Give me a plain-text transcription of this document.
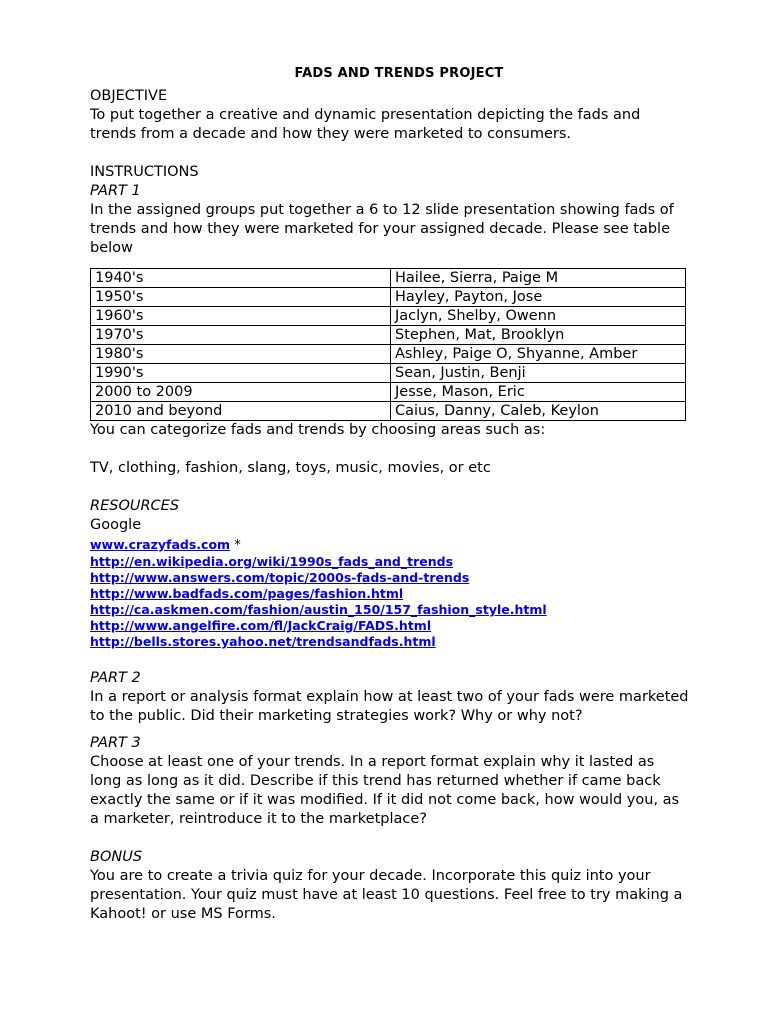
FADS AND TRENDS PROJECT
OBJECTIVE

To put together a creative and dynamic presentation depicting the fads and trends from a decade and how they were marketed to consumers.

INSTRUCTIONS
PART 1

In the assigned groups put together a 6 to 12 slide presentation showing fads of trends and how they were marketed for your assigned decade. Please see table below

1940's	Hailee, Sierra, Paige M
1950's	Hayley, Payton, Jose
1960's	Jaclyn, Shelby, Owenn
1970's	Stephen, Mat, Brooklyn
1980's	Ashley, Paige O, Shyanne, Amber
1990's	Sean, Justin, Benji
2000 to 2009	Jesse, Mason, Eric
2010 and beyond	Caius, Danny, Caleb, Keylon

You can categorize fads and trends by choosing areas such as:

TV, clothing, fashion, slang, toys, music, movies, or etc

RESOURCES
Google
www.crazyfads.com *
http://en.wikipedia.org/wiki/1990s_fads_and_trends
http://www.answers.com/topic/2000s-fads-and-trends
http://www.badfads.com/pages/fashion.html
http://ca.askmen.com/fashion/austin_150/157_fashion_style.html
http://www.angelfire.com/fl/JackCraig/FADS.html
http://bells.stores.yahoo.net/trendsandfads.html
PART 2

In a report or analysis format explain how at least two of your fads were marketed to the public. Did their marketing strategies work? Why or why not?

PART 3

Choose at least one of your trends. In a report format explain why it lasted as long as long as it did. Describe if this trend has returned whether if came back exactly the same or if it was modified. If it did not come back, how would you, as a marketer, reintroduce it to the marketplace?

BONUS

You are to create a trivia quiz for your decade. Incorporate this quiz into your presentation. Your quiz must have at least 10 questions. Feel free to try making a Kahoot! or use MS Forms.
